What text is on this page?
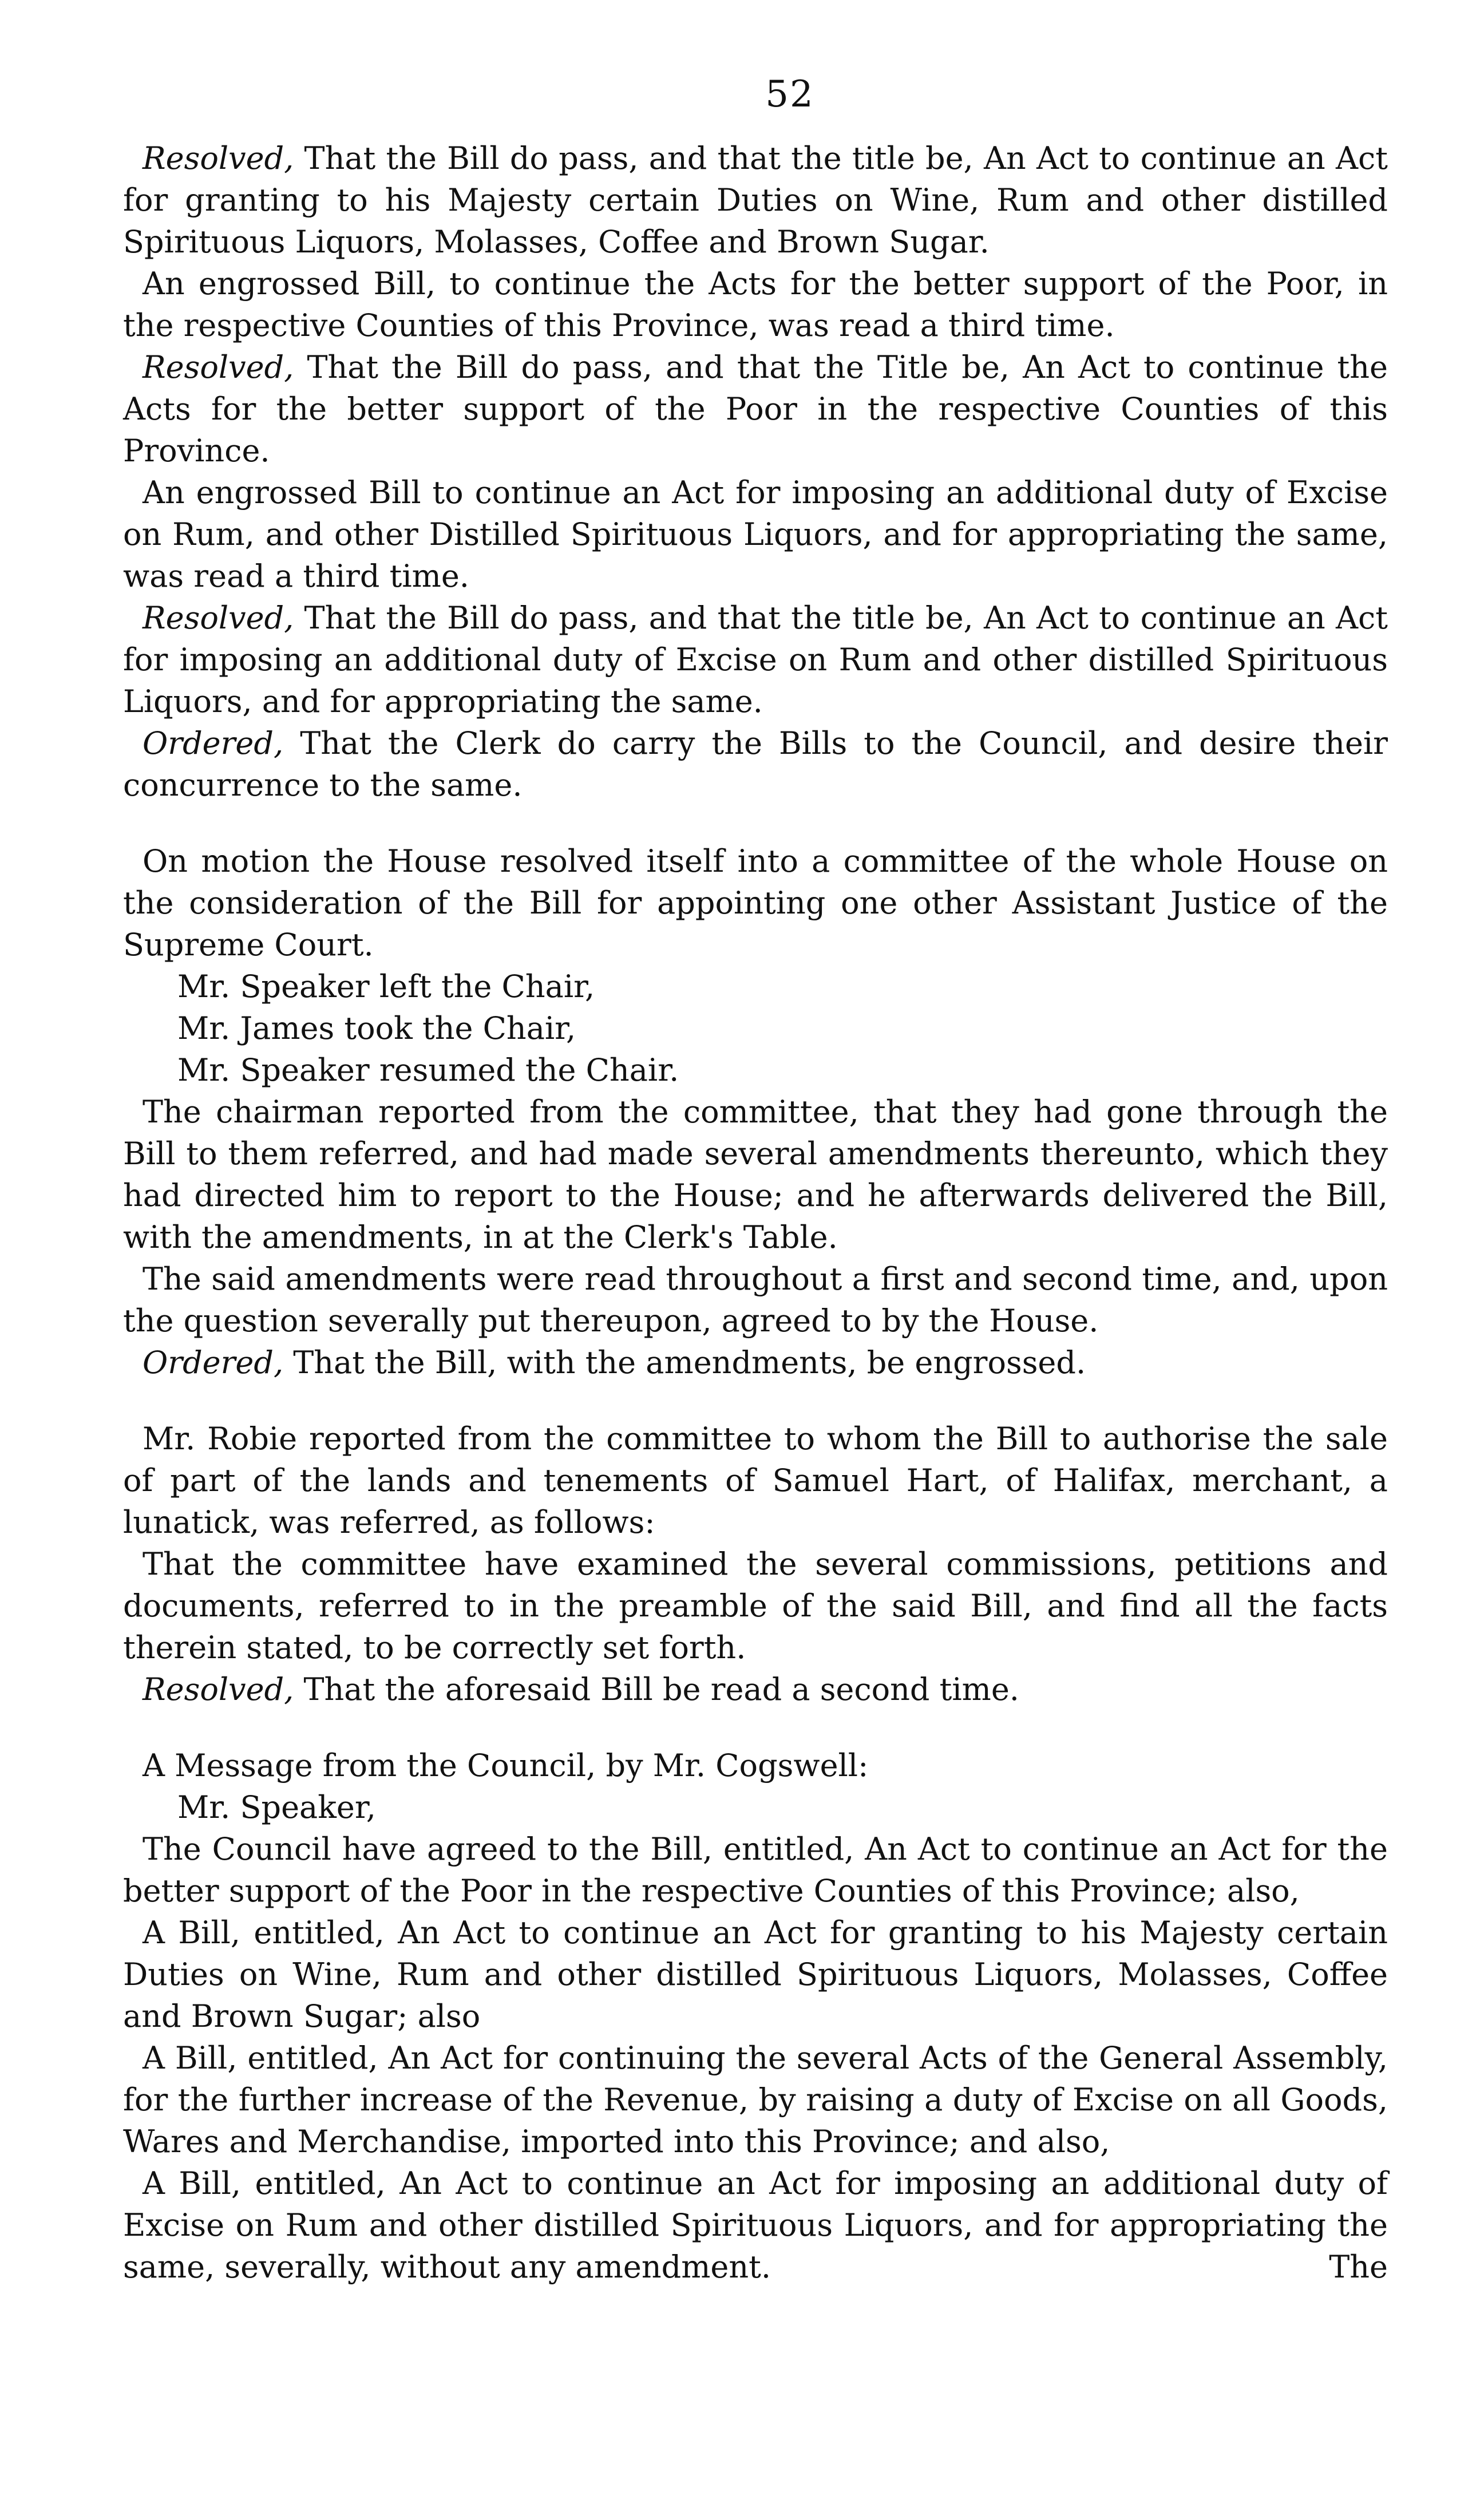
52

Resolved, That the Bill do pass, and that the title be, An Act to continue an Act for granting to his Majesty certain Duties on Wine, Rum and other distilled Spirituous Liquors, Molasses, Coffee and Brown Sugar.

An engrossed Bill, to continue the Acts for the better support of the Poor, in the respective Counties of this Province, was read a third time.

Resolved, That the Bill do pass, and that the Title be, An Act to continue the Acts for the better support of the Poor in the respective Counties of this Province.

An engrossed Bill to continue an Act for imposing an additional duty of Excise on Rum, and other Distilled Spirituous Liquors, and for appropriating the same, was read a third time.

Resolved, That the Bill do pass, and that the title be, An Act to continue an Act for imposing an additional duty of Excise on Rum and other distilled Spirituous Liquors, and for appropriating the same.

Ordered, That the Clerk do carry the Bills to the Council, and desire their concurrence to the same.

On motion the House resolved itself into a committee of the whole House on the consideration of the Bill for appointing one other Assistant Justice of the Supreme Court.

Mr. Speaker left the Chair,

Mr. James took the Chair,

Mr. Speaker resumed the Chair.

The chairman reported from the committee, that they had gone through the Bill to them referred, and had made several amendments thereunto, which they had directed him to report to the House; and he afterwards delivered the Bill, with the amendments, in at the Clerk's Table.

The said amendments were read throughout a first and second time, and, upon the question severally put thereupon, agreed to by the House.

Ordered, That the Bill, with the amendments, be engrossed.

Mr. Robie reported from the committee to whom the Bill to authorise the sale of part of the lands and tenements of Samuel Hart, of Halifax, merchant, a lunatick, was referred, as follows:

That the committee have examined the several commissions, petitions and documents, referred to in the preamble of the said Bill, and find all the facts therein stated, to be correctly set forth.

Resolved, That the aforesaid Bill be read a second time.

A Message from the Council, by Mr. Cogswell:

Mr. Speaker,

The Council have agreed to the Bill, entitled, An Act to continue an Act for the better support of the Poor in the respective Counties of this Province; also,

A Bill, entitled, An Act to continue an Act for granting to his Majesty certain Duties on Wine, Rum and other distilled Spirituous Liquors, Molasses, Coffee and Brown Sugar; also

A Bill, entitled, An Act for continuing the several Acts of the General Assembly, for the further increase of the Revenue, by raising a duty of Excise on all Goods, Wares and Merchandise, imported into this Province; and also,

A Bill, entitled, An Act to continue an Act for imposing an additional duty of Excise on Rum and other distilled Spirituous Liquors, and for appropriating the same, severally, without any amendment.	The
